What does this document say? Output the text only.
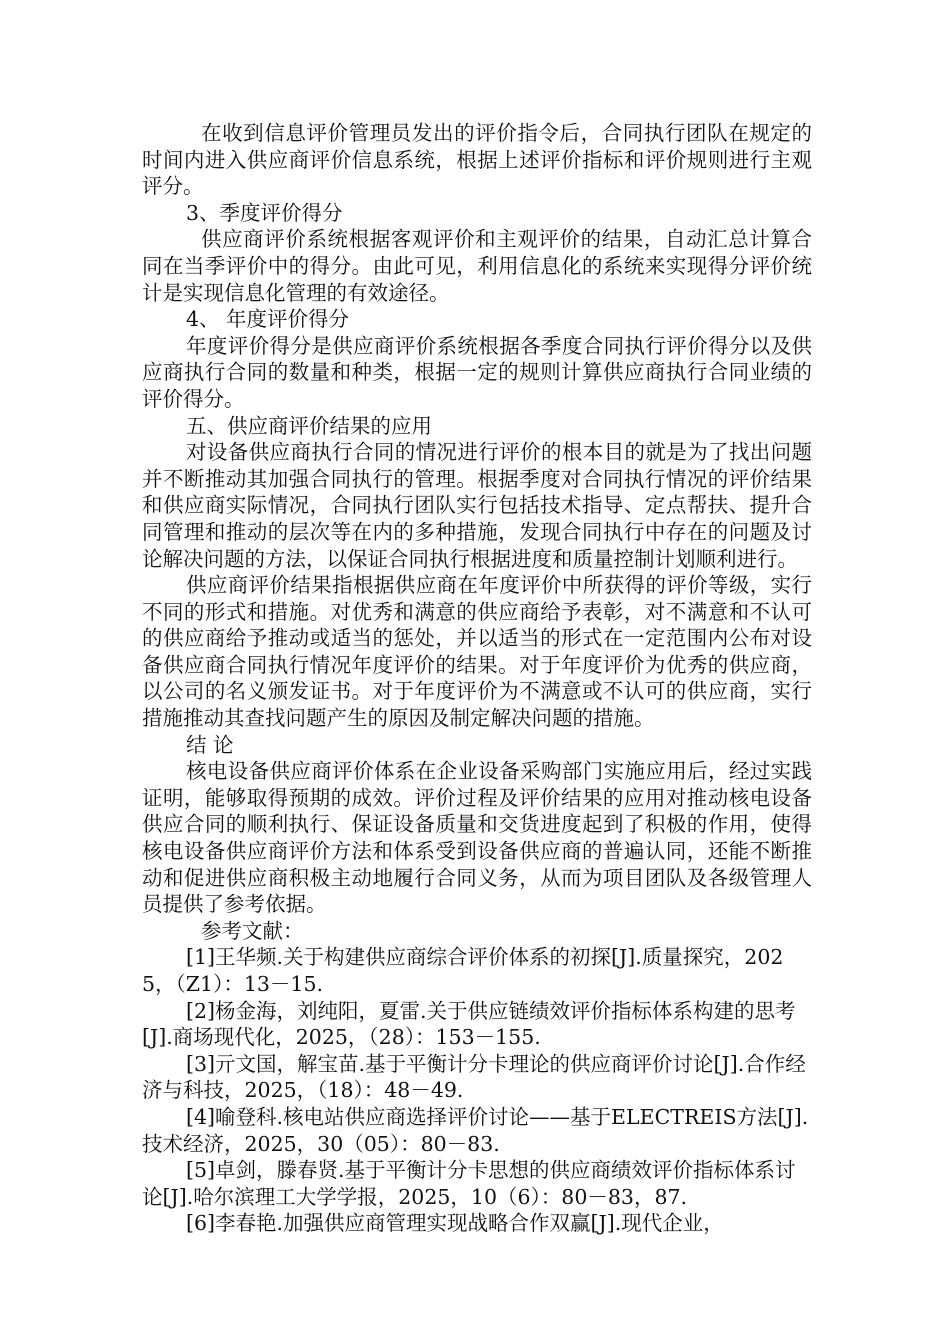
在收到信息评价管理员发出的评价指令后，合同执行团队在规定的时间内进入供应商评价信息系统，根据上述评价指标和评价规则进行主观评分。

3、季度评价得分

供应商评价系统根据客观评价和主观评价的结果，自动汇总计算合同在当季评价中的得分。由此可见，利用信息化的系统来实现得分评价统计是实现信息化管理的有效途径。

4、 年度评价得分

年度评价得分是供应商评价系统根据各季度合同执行评价得分以及供应商执行合同的数量和种类，根据一定的规则计算供应商执行合同业绩的评价得分。

五、供应商评价结果的应用

对设备供应商执行合同的情况进行评价的根本目的就是为了找出问题并不断推动其加强合同执行的管理。根据季度对合同执行情况的评价结果和供应商实际情况，合同执行团队实行包括技术指导、定点帮扶、提升合同管理和推动的层次等在内的多种措施，发现合同执行中存在的问题及讨论解决问题的方法，以保证合同执行根据进度和质量控制计划顺利进行。

供应商评价结果指根据供应商在年度评价中所获得的评价等级，实行不同的形式和措施。对优秀和满意的供应商给予表彰，对不满意和不认可的供应商给予推动或适当的惩处，并以适当的形式在一定范围内公布对设备供应商合同执行情况年度评价的结果。对于年度评价为优秀的供应商，以公司的名义颁发证书。对于年度评价为不满意或不认可的供应商，实行措施推动其查找问题产生的原因及制定解决问题的措施。

结 论

核电设备供应商评价体系在企业设备采购部门实施应用后，经过实践证明，能够取得预期的成效。评价过程及评价结果的应用对推动核电设备供应合同的顺利执行、保证设备质量和交货进度起到了积极的作用，使得核电设备供应商评价方法和体系受到设备供应商的普遍认同，还能不断推动和促进供应商积极主动地履行合同义务，从而为项目团队及各级管理人员提供了参考依据。

参考文献：

[1]王华频.关于构建供应商综合评价体系的初探[J].质量探究，2025，（Z1）：13－15.

[2]杨金海，刘纯阳，夏雷.关于供应链绩效评价指标体系构建的思考[J].商场现代化，2025，（28）：153－155.

[3]亓文国，解宝苗.基于平衡计分卡理论的供应商评价讨论[J].合作经济与科技，2025，（18）：48－49.

[4]喻登科.核电站供应商选择评价讨论——基于ELECTREIS方法[J].技术经济，2025，30（05）：80－83.

[5]卓剑，滕春贤.基于平衡计分卡思想的供应商绩效评价指标体系讨论[J].哈尔滨理工大学学报，2025，10（6）：80－83，87.

[6]李春艳.加强供应商管理实现战略合作双赢[J].现代企业，
